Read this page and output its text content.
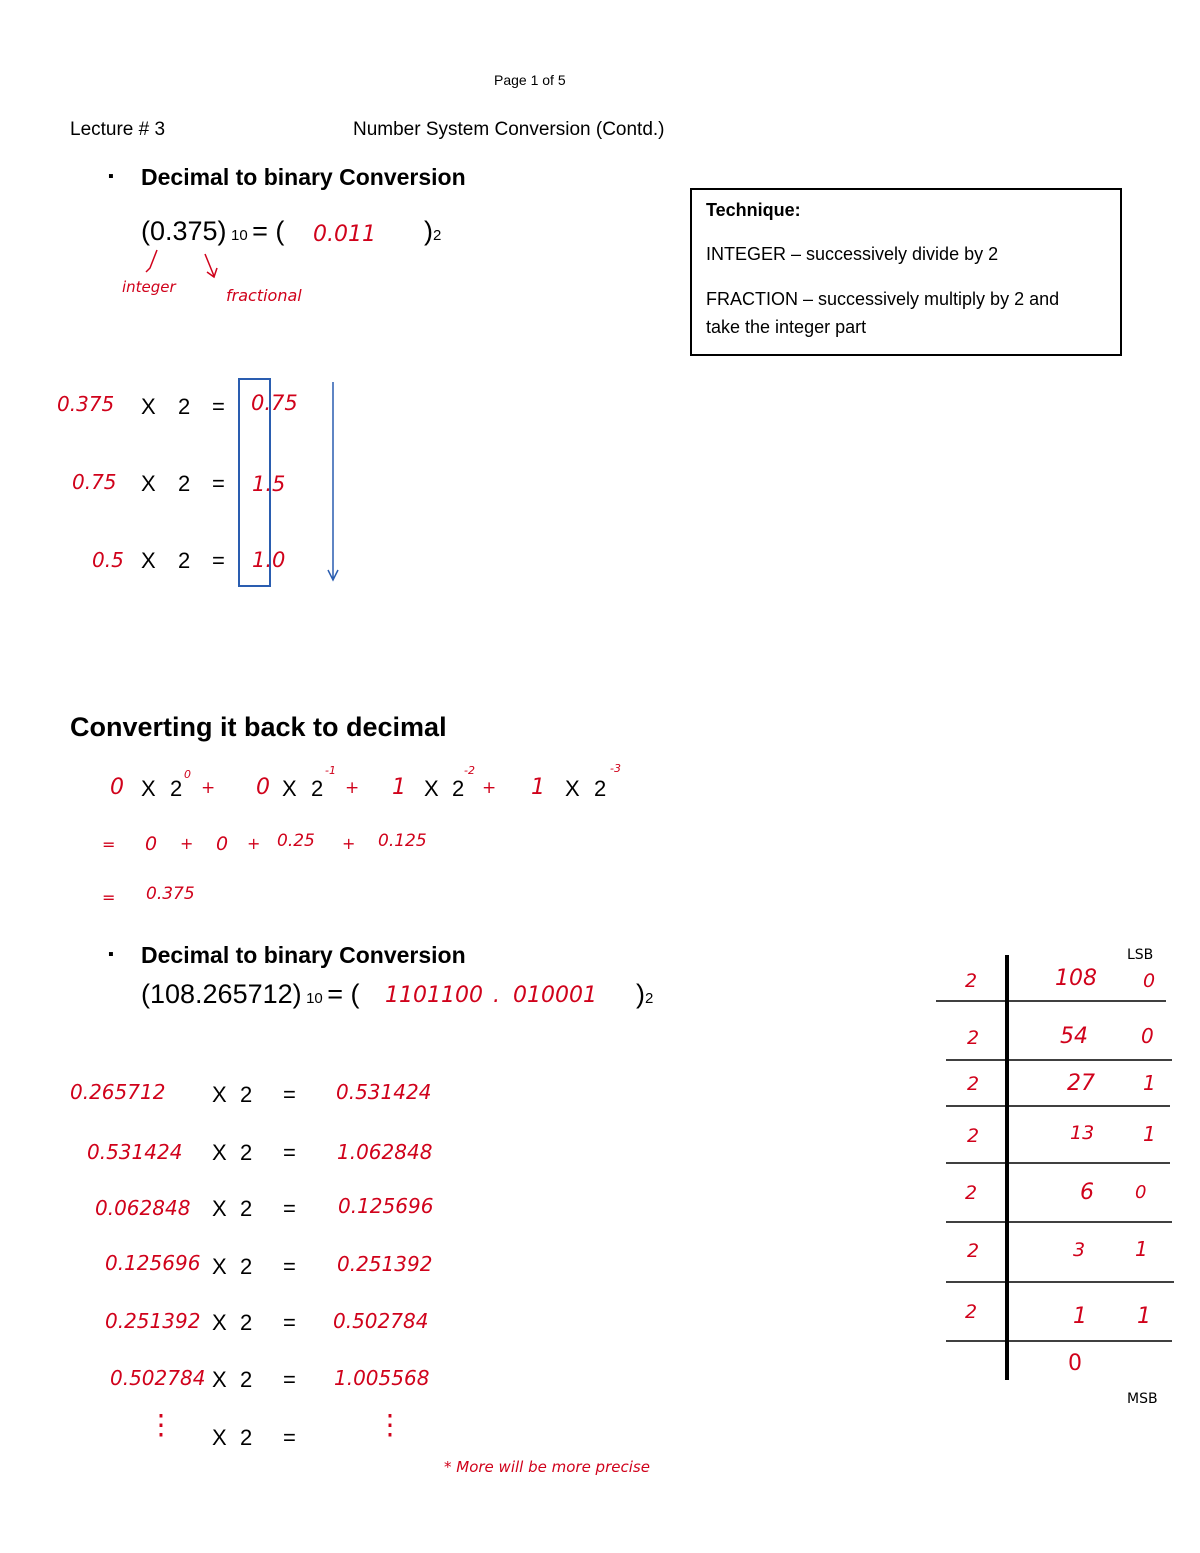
Page 1 of 5
Lecture # 3	Number System Conversion (Contd.)
▪ Decimal to binary Conversion
(0.375) 10 = ( 0.011 )2
integer	fractional
0.375 X 2 = 0.75
0.75 X 2 = 1.5
0.5 X 2 = 1.0
Technique:
INTEGER – successively divide by 2
FRACTION – successively multiply by 2 and
take the integer part
Converting it back to decimal
0 X 2
0
+ 0 X 2
-1
+ 1 X 2
-2
+ 1 X 2
-3
= 0 + 0 + 0.25 + 0.125
= 0.375
▪ Decimal to binary Conversion
(108.265712) 10 = ( 1101100 . 010001 )2
0.265712 X 2 = 0.531424
0.531424 X 2 = 1.062848
0.062848 X 2 = 0.125696
0.125696 X 2 = 0.251392
0.251392 X 2 = 0.502784
0.502784 X 2 = 1.005568
⋮ X 2 =	⋮
* More will be more precise
LSB
MSB
2	108 0
2	54	0
2	27 1
2	13 1
2	6 0
2	3 1
2	1 1
0
